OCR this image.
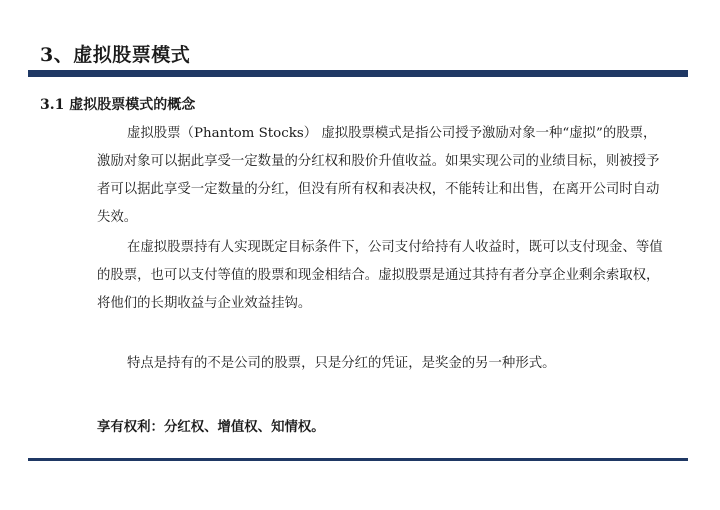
3、虚拟股票模式
3.1 虚拟股票模式的概念

虚拟股票（Phantom Stocks） 虚拟股票模式是指公司授予激励对象一种“虚拟”的股票，激励对象可以据此享受一定数量的分红权和股价升值收益。如果实现公司的业绩目标，则被授予者可以据此享受一定数量的分红，但没有所有权和表决权，不能转让和出售，在离开公司时自动失效。

在虚拟股票持有人实现既定目标条件下，公司支付给持有人收益时，既可以支付现金、等值的股票，也可以支付等值的股票和现金相结合。虚拟股票是通过其持有者分享企业剩余索取权，将他们的长期收益与企业效益挂钩。

特点是持有的不是公司的股票，只是分红的凭证，是奖金的另一种形式。

享有权利：分红权、增值权、知情权。
